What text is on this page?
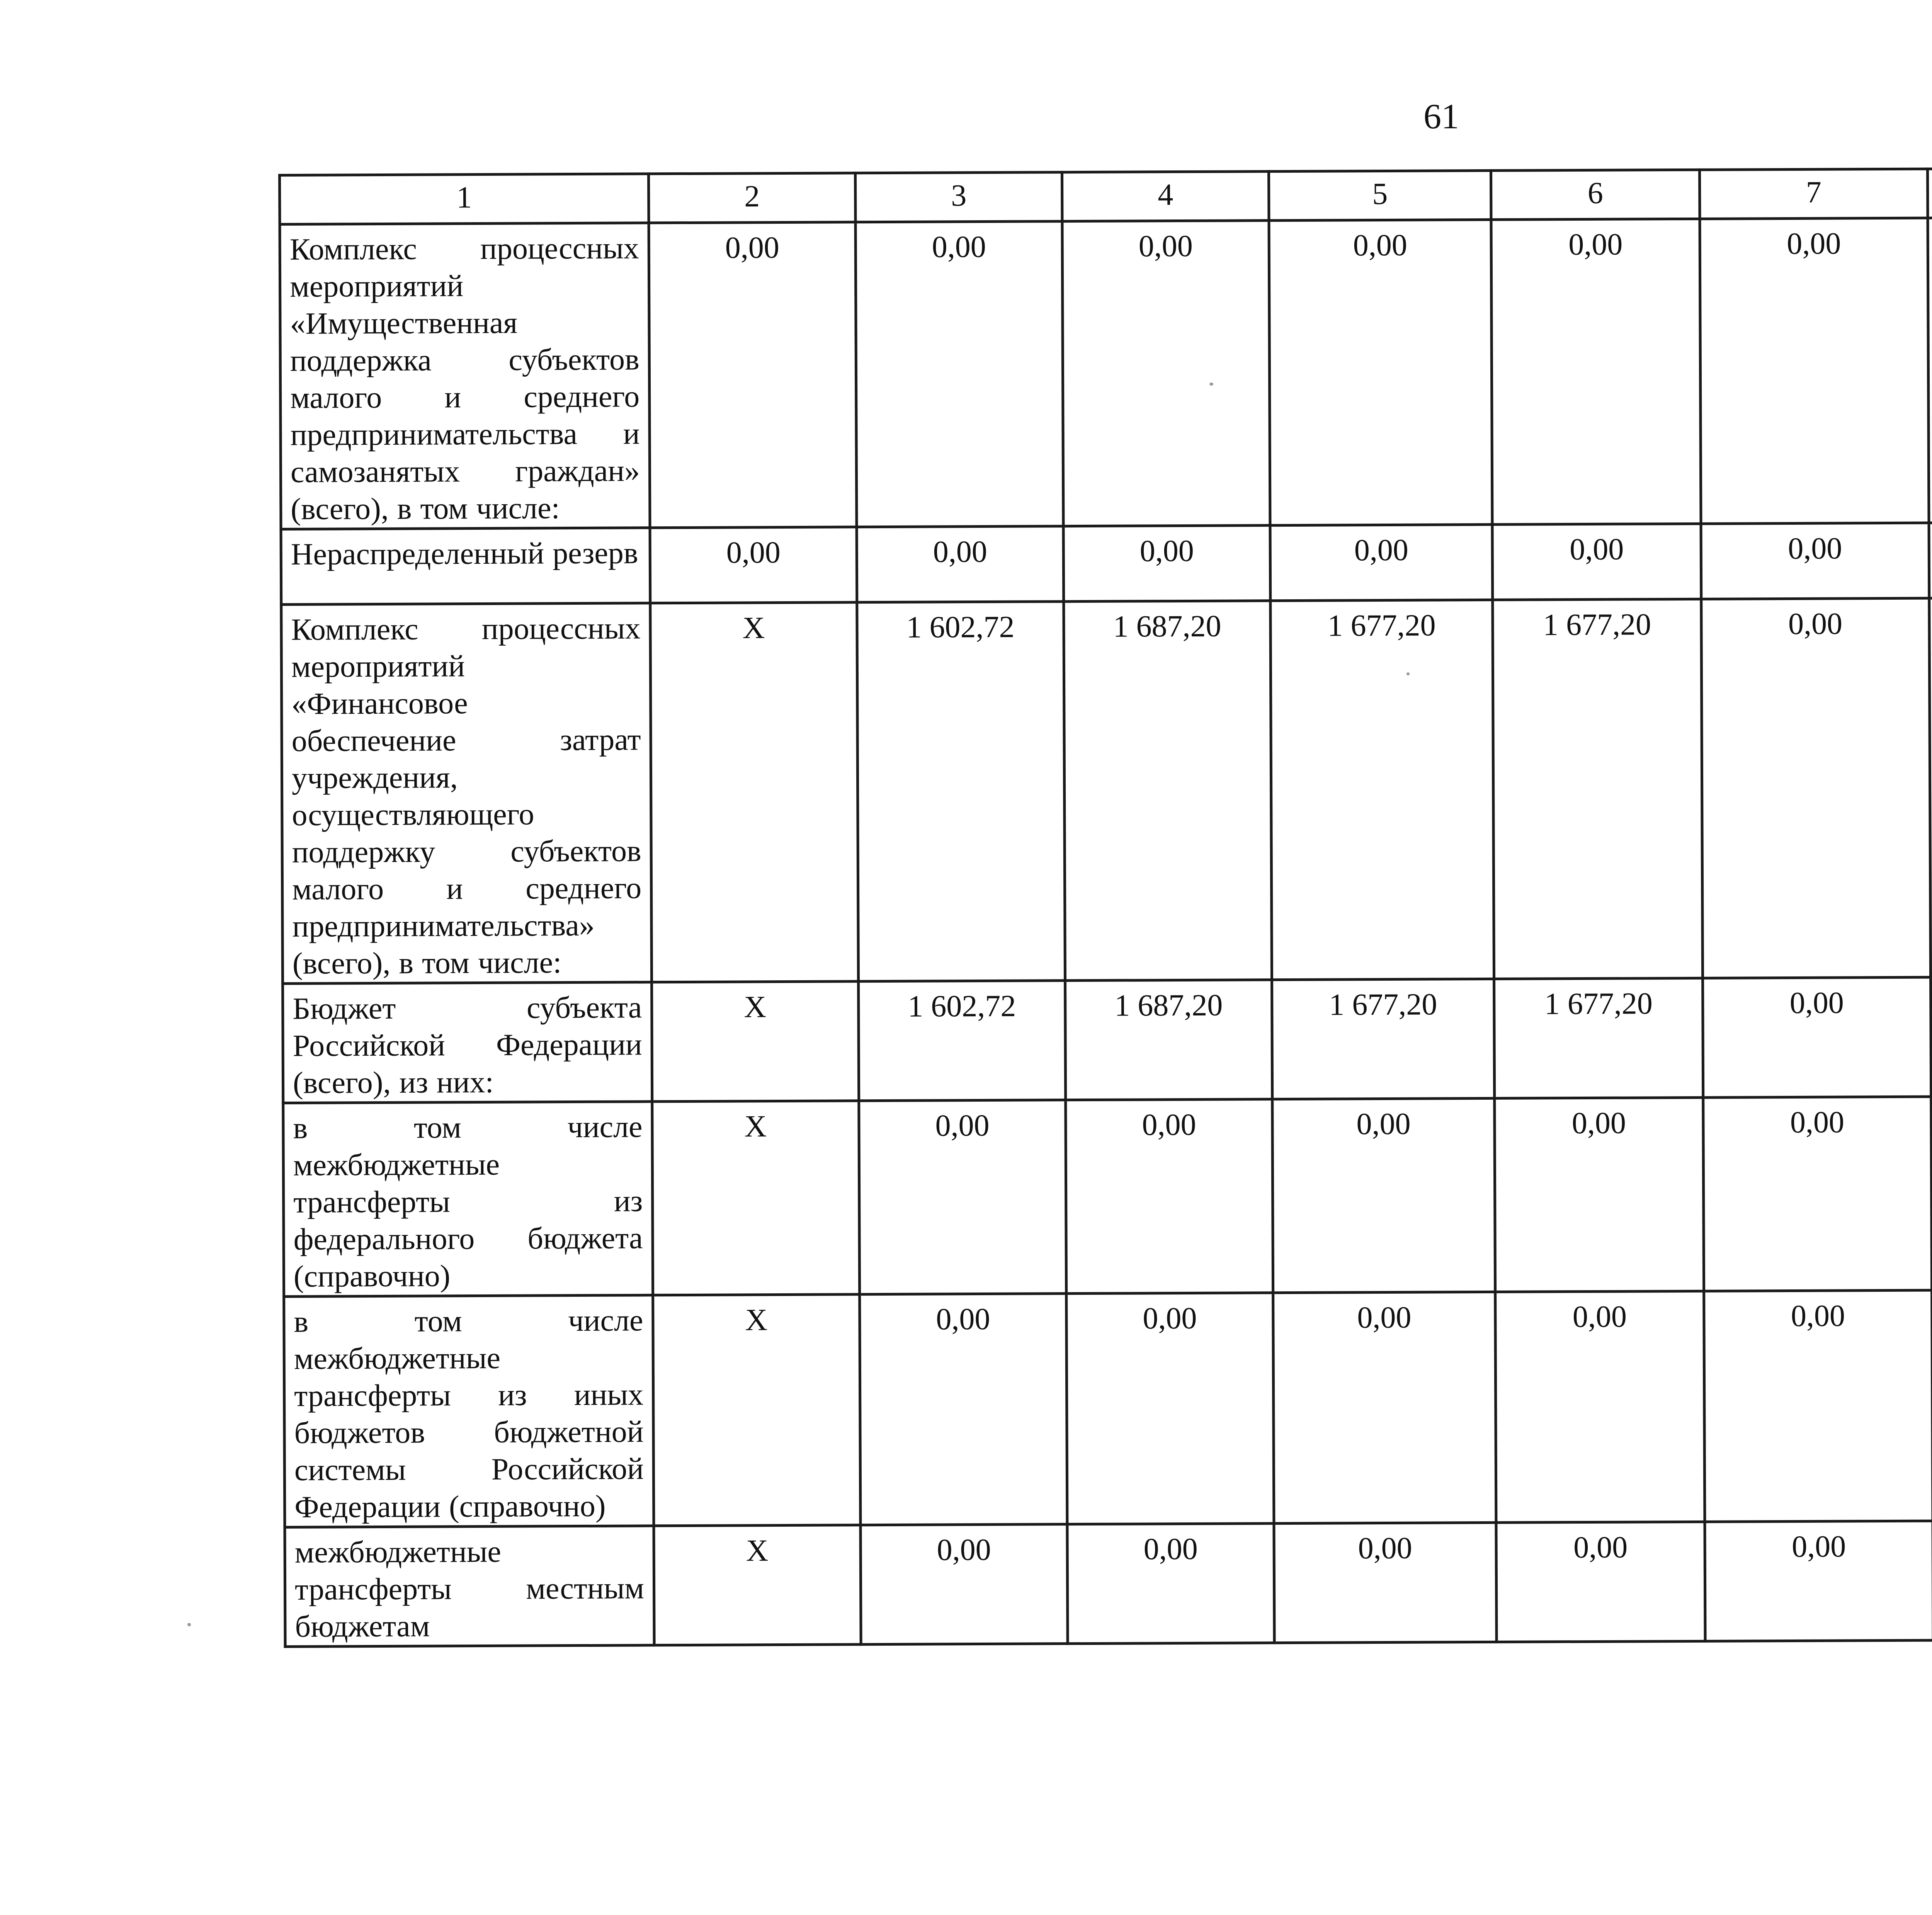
61
1	2	3	4	5	6	7		
Комплекс процессных мероприятий «Имущественная поддержка субъектов малого и среднего предпринимательства и самозанятых граждан» (всего), в том числе:	0,00	0,00	0,00	0,00	0,00	0,00		
Нераспределенный резерв	0,00	0,00	0,00	0,00	0,00	0,00		
Комплекс процессных мероприятий «Финансовое обеспечение затрат учреждения, осуществляющего поддержку субъектов малого и среднего предпринимательства» (всего), в том числе:	X	1 602,72	1 687,20	1 677,20	1 677,20	0,00		
Бюджет субъекта Российской Федерации (всего), из них:	X	1 602,72	1 687,20	1 677,20	1 677,20	0,00		
в том числе межбюджетные трансферты из федерального бюджета (справочно)	X	0,00	0,00	0,00	0,00	0,00		
в том числе межбюджетные трансферты из иных бюджетов бюджетной системы Российской Федерации (справочно)	X	0,00	0,00	0,00	0,00	0,00		
межбюджетные трансферты местным бюджетам	X	0,00	0,00	0,00	0,00	0,00		
